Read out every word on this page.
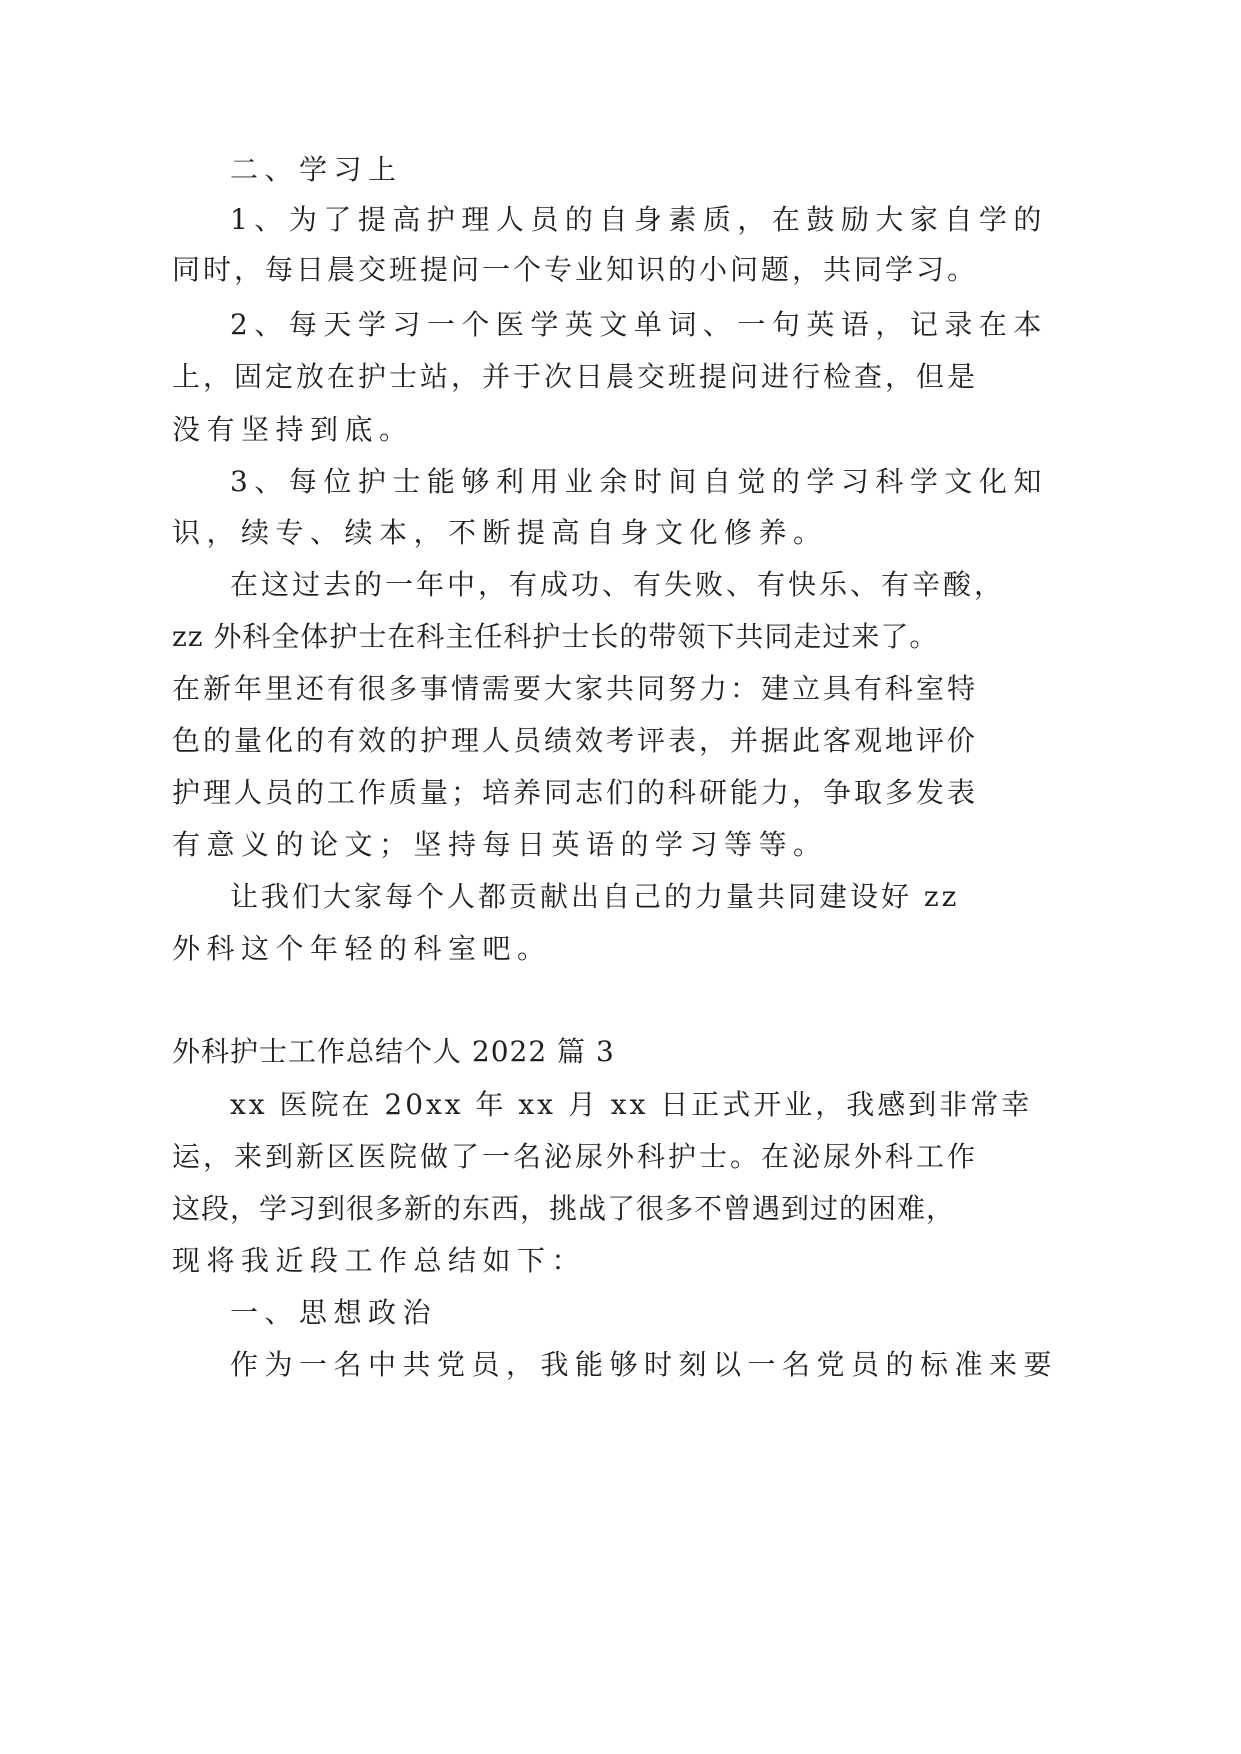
二、学习上
1、为了提高护理人员的自身素质，在鼓励大家自学的
同时，每日晨交班提问一个专业知识的小问题，共同学习。
2、每天学习一个医学英文单词、一句英语，记录在本
上，固定放在护士站，并于次日晨交班提问进行检查，但是
没有坚持到底。
3、每位护士能够利用业余时间自觉的学习科学文化知
识，续专、续本，不断提高自身文化修养。
在这过去的一年中，有成功、有失败、有快乐、有辛酸，
zz 外科全体护士在科主任科护士长的带领下共同走过来了。
在新年里还有很多事情需要大家共同努力：建立具有科室特
色的量化的有效的护理人员绩效考评表，并据此客观地评价
护理人员的工作质量；培养同志们的科研能力，争取多发表
有意义的论文；坚持每日英语的学习等等。
让我们大家每个人都贡献出自己的力量共同建设好 zz
外科这个年轻的科室吧。
外科护士工作总结个人 2022 篇 3
xx 医院在 20xx 年 xx 月 xx 日正式开业，我感到非常幸
运，来到新区医院做了一名泌尿外科护士。在泌尿外科工作
这段，学习到很多新的东西，挑战了很多不曾遇到过的困难，
现将我近段工作总结如下：
一、思想政治
作为一名中共党员，我能够时刻以一名党员的标准来要
